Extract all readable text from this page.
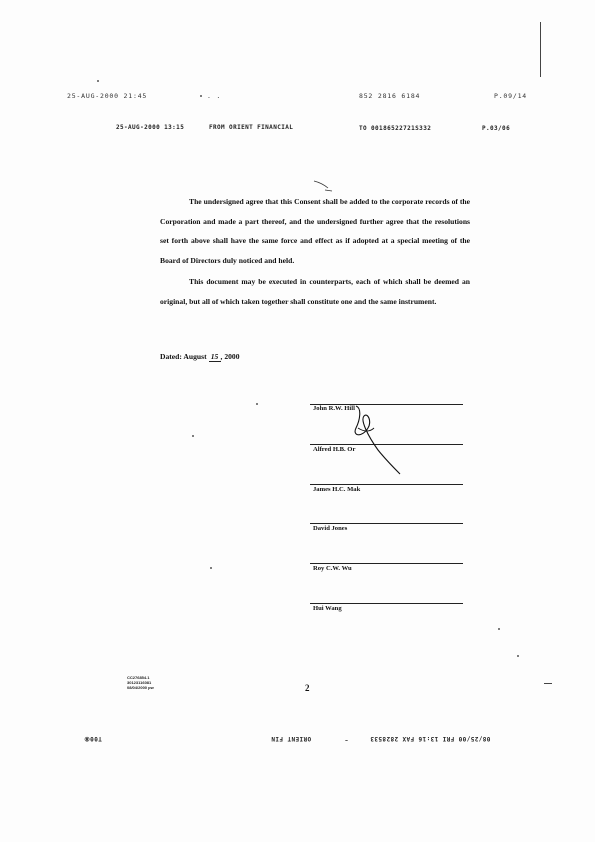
25-AUG-2000 21:45	. .	852 2816 6184	P.09/14
25-AUG-2000 13:15	FROM ORIENT FINANCIAL	TO 00186522721S332	P.03/06

The undersigned agree that this Consent shall be added to the corporate records of the Corporation and made a part thereof, and the undersigned further agree that the resolutions set forth above shall have the same force and effect as if adopted at a special meeting of the Board of Directors duly noticed and held.

This document may be executed in counterparts, each of which shall be deemed an original, but all of which taken together shall constitute one and the same instrument.

Dated: August 15 , 2000
John R.W. Hill
Alfred H.B. Or
James H.C. Mak
David Jones
Roy C.W. Wu
Hui Wang
CC276854.1
30123116081
08/04/2000 pw	2
T00⑧	ORIENT FIN	08/25/00 FRI 13:16 FAX 2828533
